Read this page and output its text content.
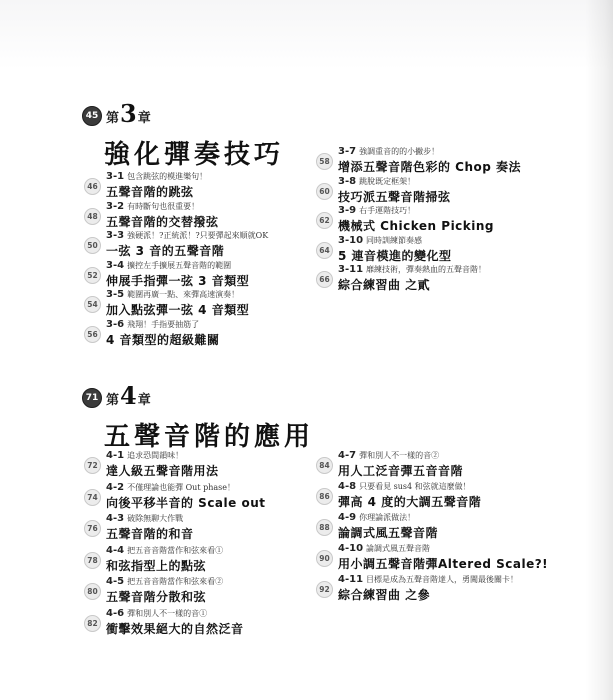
45 第 3 章
強化彈奏技巧
46
3-1 包含跳弦的模進樂句！
五聲音階的跳弦
48
3-2 有時斷句也很重要！
五聲音階的交替撥弦
50
3-3 強硬派！?正統派！?只要彈起來順就OK
一弦 3 音的五聲音階
52
3-4 擴控左手擴展五聲音階的範圍
伸展手指彈一弦 3 音類型
54
3-5 範圍再廣一點、來彈高速演奏！
加入點弦彈一弦 4 音類型
56
3-6 飛翔！手指要抽筋了
4 音類型的超級難關
58
3-7 強調重音的的小撇步！
增添五聲音階色彩的 Chop 奏法
60
3-8 跳脫既定框架！
技巧派五聲音階掃弦
62
3-9 右手運階技巧！
機械式 Chicken Picking
64
3-10 同時訓練節奏感
5 連音模進的變化型
66
3-11 靡練技術，彈奏熱血的五聲音階！
綜合練習曲 之貳
71 第 4 章
五聲音階的應用
72
4-1 追求恐間韻味！
達人級五聲音階用法
74
4-2 不僅理論也能彈 Out phase！
向後平移半音的 Scale out
76
4-3 破除無聊大作戰
五聲音階的和音
78
4-4 把五音音階當作和弦來看①
和弦指型上的點弦
80
4-5 把五音音階當作和弦來看②
五聲音階分散和弦
82
4-6 彈和別人不一樣的音①
衝擊效果絕大的自然泛音
84
4-7 彈和別人不一樣的音②
用人工泛音彈五音音階
86
4-8 只要看見 sus4 和弦就這麼做！
彈高 4 度的大調五聲音階
88
4-9 你理論派做法！
論調式風五聲音階
90
4-10 論調式風五聲音階
用小調五聲音階彈Altered Scale?!
92
4-11 目標是成為五聲音階達人，勇闖最後關卡！
綜合練習曲 之參
